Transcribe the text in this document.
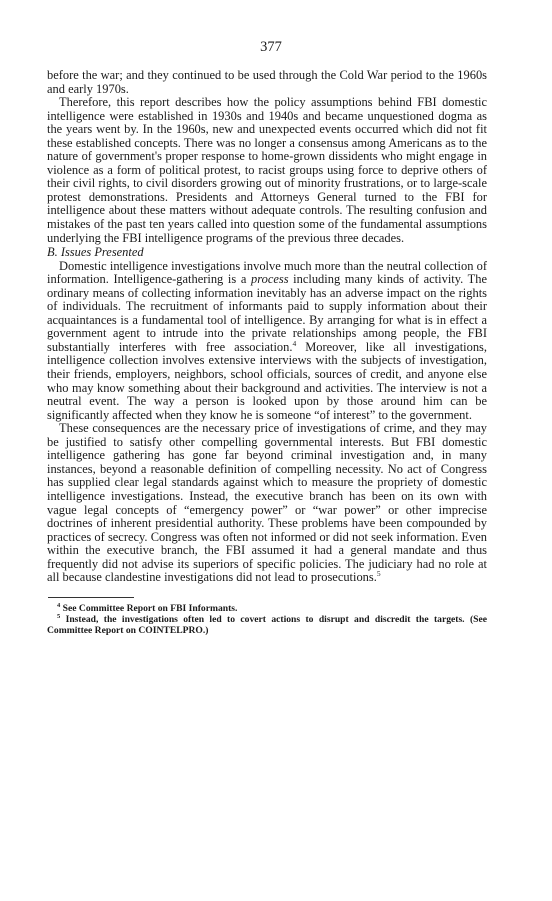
377

before the war; and they continued to be used through the Cold War period to the 1960s and early 1970s.

Therefore, this report describes how the policy assumptions behind FBI domestic intelligence were established in 1930s and 1940s and became unquestioned dogma as the years went by. In the 1960s, new and unexpected events occurred which did not fit these established concepts. There was no longer a consensus among Americans as to the nature of government's proper response to home-grown dissidents who might engage in violence as a form of political protest, to racist groups using force to deprive others of their civil rights, to civil disorders growing out of minority frustrations, or to large-scale protest demonstrations. Presidents and Attorneys General turned to the FBI for intelligence about these matters without adequate controls. The resulting confusion and mistakes of the past ten years called into question some of the fundamental assumptions underlying the FBI intelligence programs of the previous three decades.

B. Issues Presented

Domestic intelligence investigations involve much more than the neutral collection of information. Intelligence-gathering is a process including many kinds of activity. The ordinary means of collecting information inevitably has an adverse impact on the rights of individuals. The recruitment of informants paid to supply information about their acquaintances is a fundamental tool of intelligence. By arranging for what is in effect a government agent to intrude into the private relationships among people, the FBI substantially interferes with free association.$^4$ Moreover, like all investigations, intelligence collection involves extensive interviews with the subjects of investigation, their friends, employers, neighbors, school officials, sources of credit, and anyone else who may know something about their background and activities. The interview is not a neutral event. The way a person is looked upon by those around him can be significantly affected when they know he is someone “of interest” to the government.

These consequences are the necessary price of investigations of crime, and they may be justified to satisfy other compelling governmental interests. But FBI domestic intelligence gathering has gone far beyond criminal investigation and, in many instances, beyond a reasonable definition of compelling necessity. No act of Congress has supplied clear legal standards against which to measure the propriety of domestic intelligence investigations. Instead, the executive branch has been on its own with vague legal concepts of “emergency power” or “war power” or other imprecise doctrines of inherent presidential authority. These problems have been compounded by practices of secrecy. Congress was often not informed or did not seek information. Even within the executive branch, the FBI assumed it had a general mandate and thus frequently did not advise its superiors of specific policies. The judiciary had no role at all because clandestine investigations did not lead to prosecutions.$^5$

$^4$ See Committee Report on FBI Informants.

$^5$ Instead, the investigations often led to covert actions to disrupt and discredit the targets. (See Committee Report on COINTELPRO.)
